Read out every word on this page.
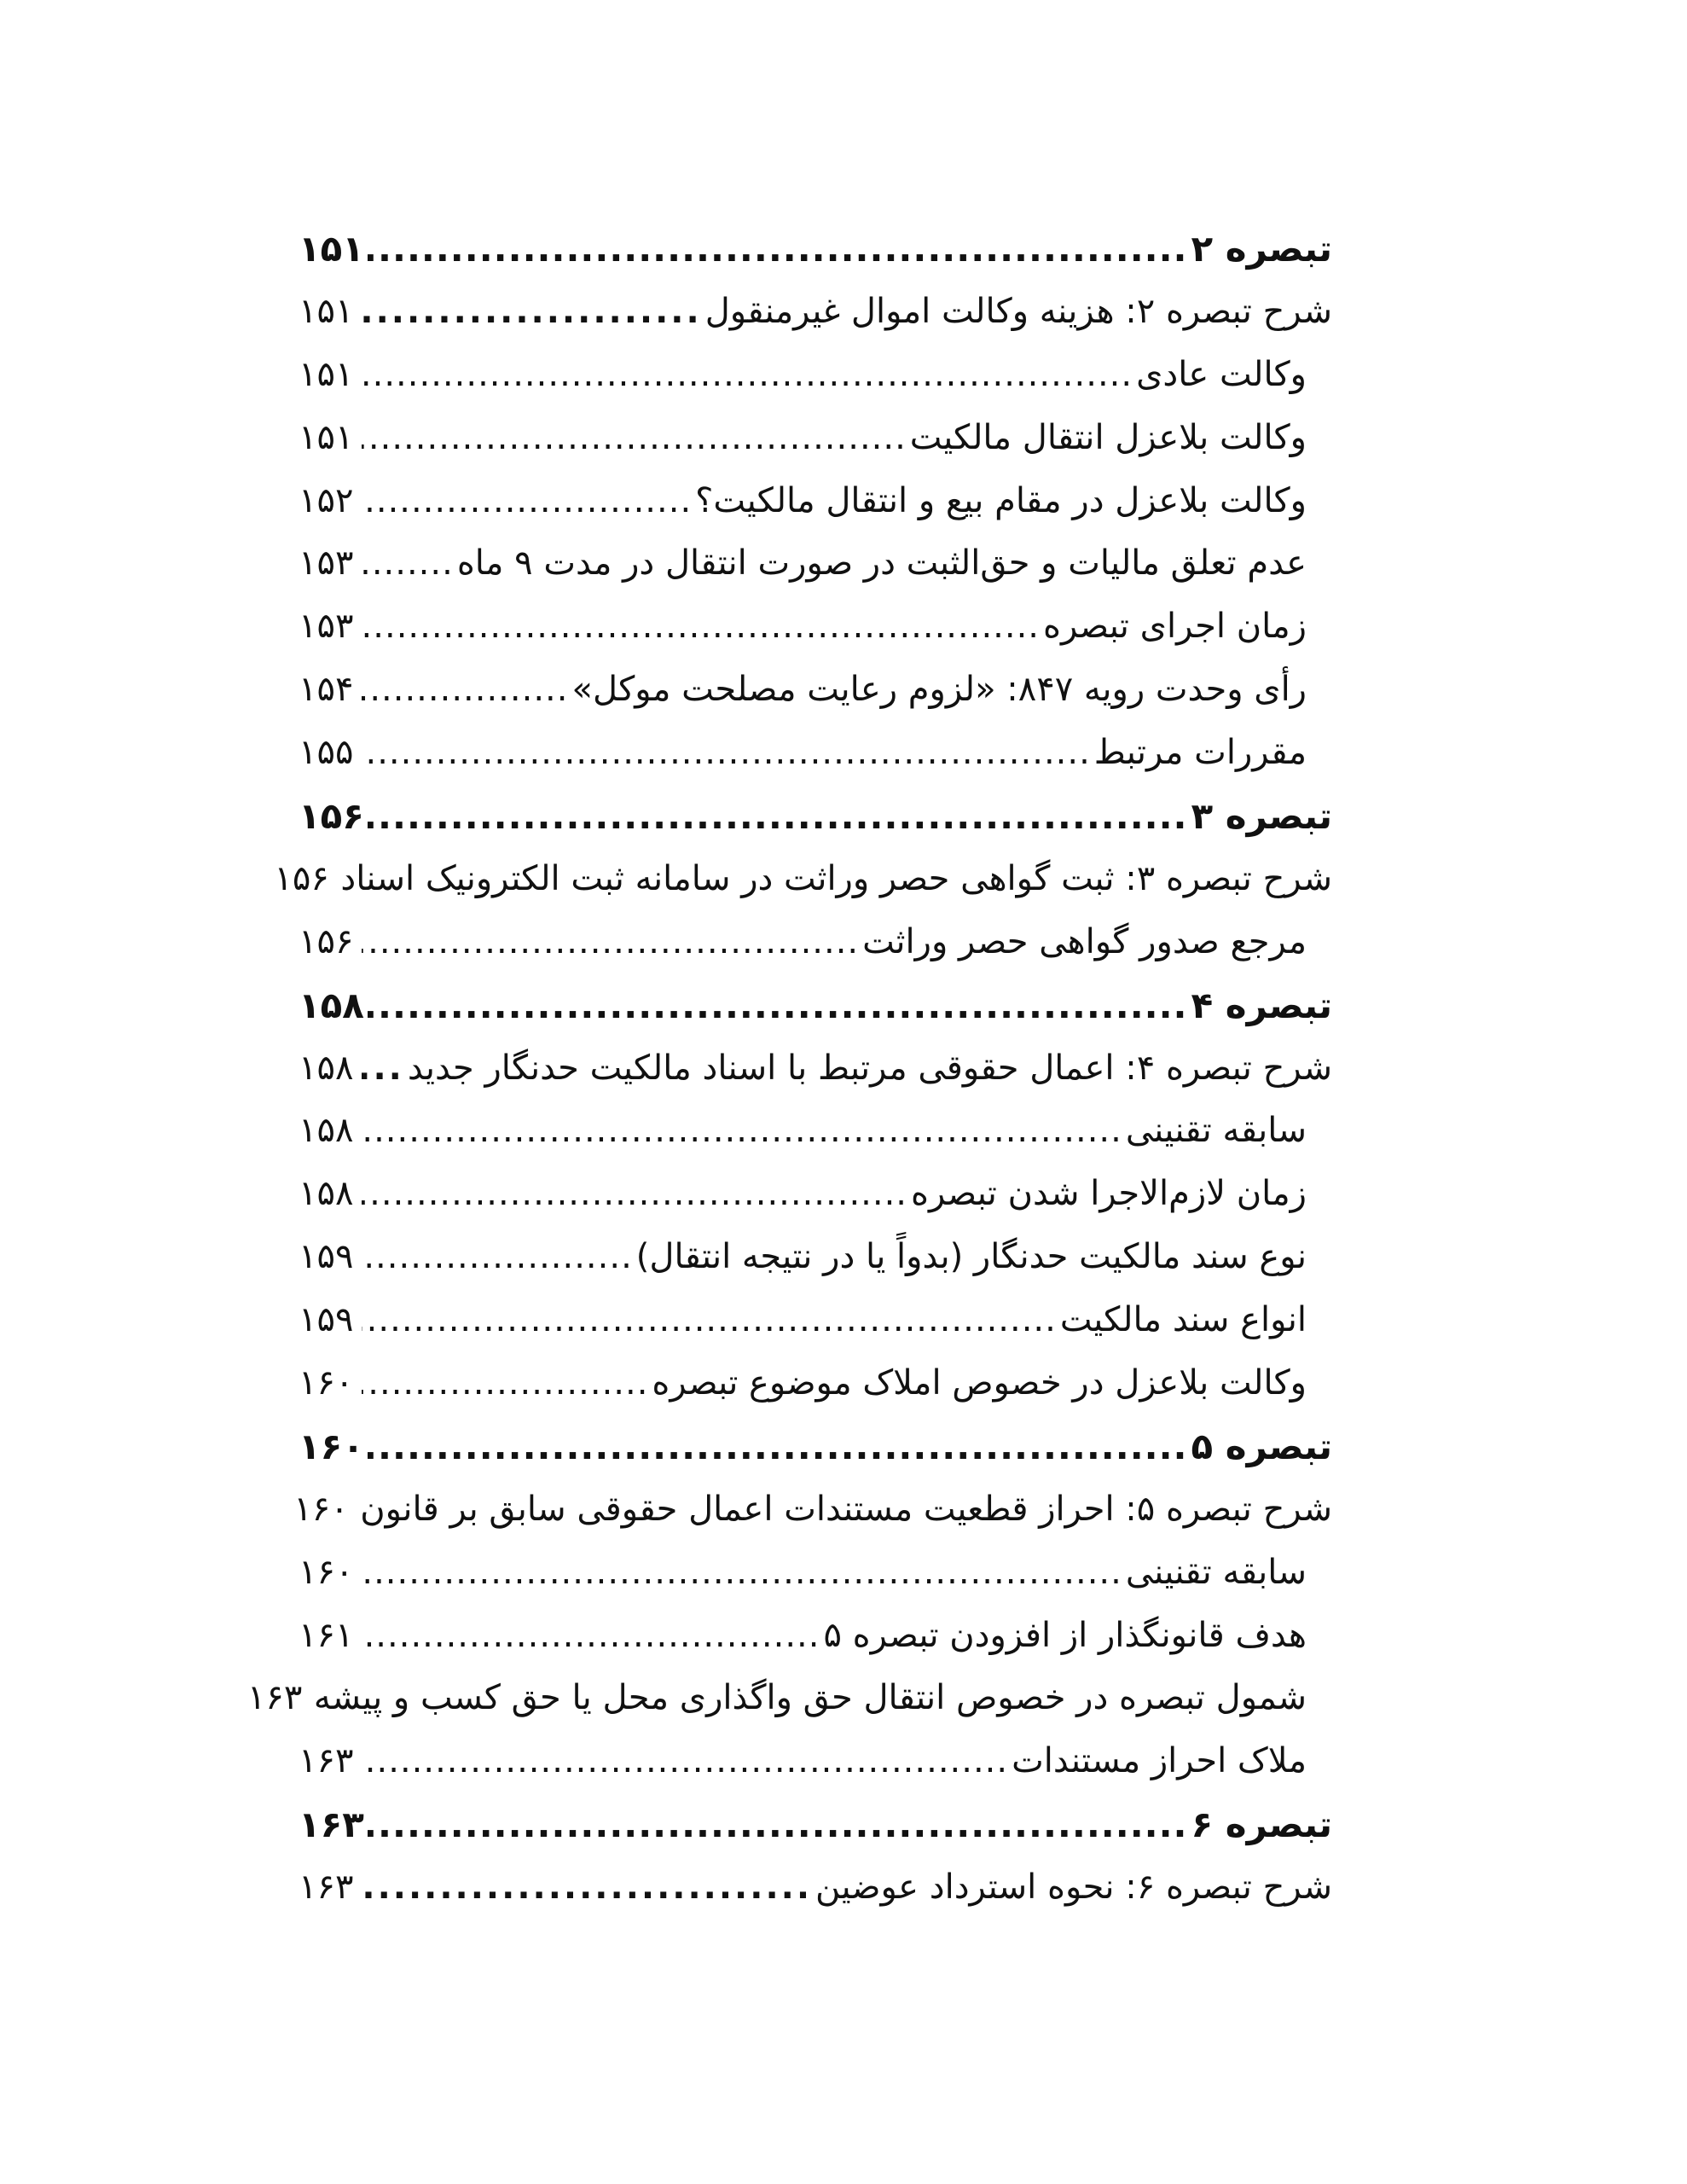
تبصره ۲
.....
۱۵۱
شرح تبصره ۲: هزینه وکالت اموال غیرمنقول
.....
۱۵۱
وکالت عادی
.....
۱۵۱
وکالت بلاعزل انتقال مالکیت
.....
۱۵۱
وکالت بلاعزل در مقام بیع و انتقال مالکیت؟
.....
۱۵۲
عدم تعلق مالیات و حق‌الثبت در صورت انتقال در مدت ۹ ماه
.....
۱۵۳
زمان اجرای تبصره
.....
۱۵۳
رأی وحدت رویه ۸۴۷: «لزوم رعایت مصلحت موکل»
.....
۱۵۴
مقررات مرتبط
.....
۱۵۵
تبصره ۳
.....
۱۵۶
شرح تبصره ۳: ثبت گواهی حصر وراثت در سامانه ثبت الکترونیک اسناد
۱۵۶
مرجع صدور گواهی حصر وراثت
.....
۱۵۶
تبصره ۴
.....
۱۵۸
شرح تبصره ۴: اعمال حقوقی مرتبط با اسناد مالکیت حدنگار جدید
.....
۱۵۸
سابقه تقنینی
.....
۱۵۸
زمان لازم‌الاجرا شدن تبصره
.....
۱۵۸
نوع سند مالکیت حدنگار (بدواً یا در نتیجه انتقال)
.....
۱۵۹
انواع سند مالکیت
.....
۱۵۹
وکالت بلاعزل در خصوص املاک موضوع تبصره
.....
۱۶۰
تبصره ۵
.....
۱۶۰
شرح تبصره ۵: احراز قطعیت مستندات اعمال حقوقی سابق بر قانون
۱۶۰
سابقه تقنینی
.....
۱۶۰
هدف قانونگذار از افزودن تبصره ۵
.....
۱۶۱
شمول تبصره در خصوص انتقال حق واگذاری محل یا حق کسب و پیشه
۱۶۳
ملاک احراز مستندات
.....
۱۶۳
تبصره ۶
.....
۱۶۳
شرح تبصره ۶: نحوه استرداد عوضین
.....
۱۶۳
